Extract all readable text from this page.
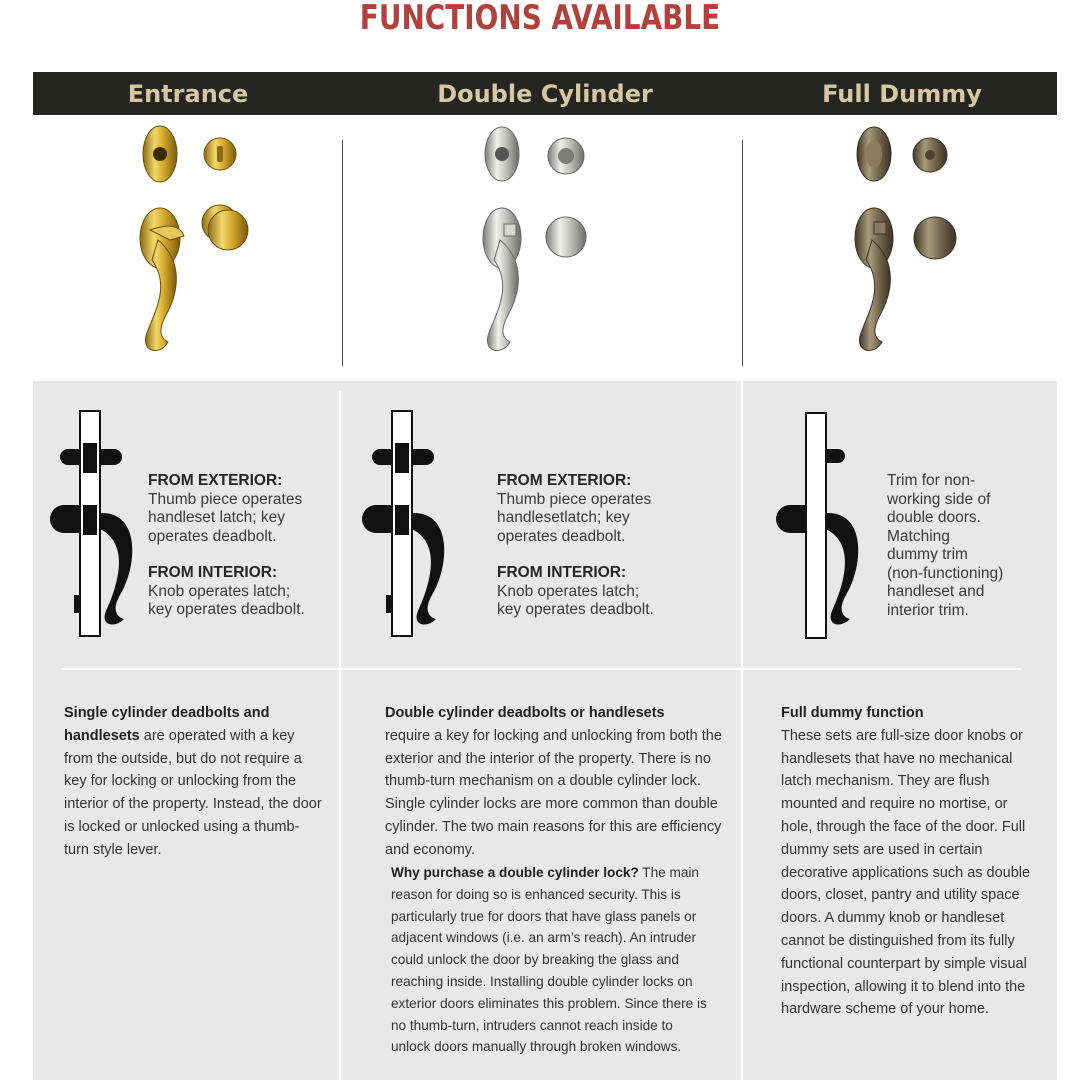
FUNCTIONS AVAILABLE
Entrance	Double Cylinder	Full Dummy

FROM EXTERIOR:

Thumb piece operates

handleset latch; key

operates deadbolt.

FROM INTERIOR:

Knob operates latch;

key operates deadbolt.

FROM EXTERIOR:

Thumb piece operates

handlesetlatch; key

operates deadbolt.

FROM INTERIOR:

Knob operates latch;

key operates deadbolt.

Trim for non-

working side of

double doors.

Matching

dummy trim

(non-functioning)

handleset and

interior trim.

Single cylinder deadbolts and handlesets are operated with a key from the outside, but do not require a key for locking or unlocking from the interior of the property. Instead, the door is locked or unlocked using a thumb-turn style lever.
Double cylinder deadbolts or handlesets
require a key for locking and unlocking from both the exterior and the interior of the property. There is no thumb-turn mechanism on a double cylinder lock. Single cylinder locks are more common than double cylinder. The two main reasons for this are efficiency and economy.
Why purchase a double cylinder lock? The main reason for doing so is enhanced security. This is particularly true for doors that have glass panels or adjacent windows (i.e. an arm’s reach). An intruder could unlock the door by breaking the glass and reaching inside. Installing double cylinder locks on exterior doors eliminates this problem. Since there is no thumb-turn, intruders cannot reach inside to unlock doors manually through broken windows.
Full dummy function
These sets are full-size door knobs or handlesets that have no mechanical latch mechanism. They are flush mounted and require no mortise, or hole, through the face of the door. Full dummy sets are used in certain decorative applications such as double doors, closet, pantry and utility space doors. A dummy knob or handleset cannot be distinguished from its fully functional counterpart by simple visual inspection, allowing it to blend into the hardware scheme of your home.
